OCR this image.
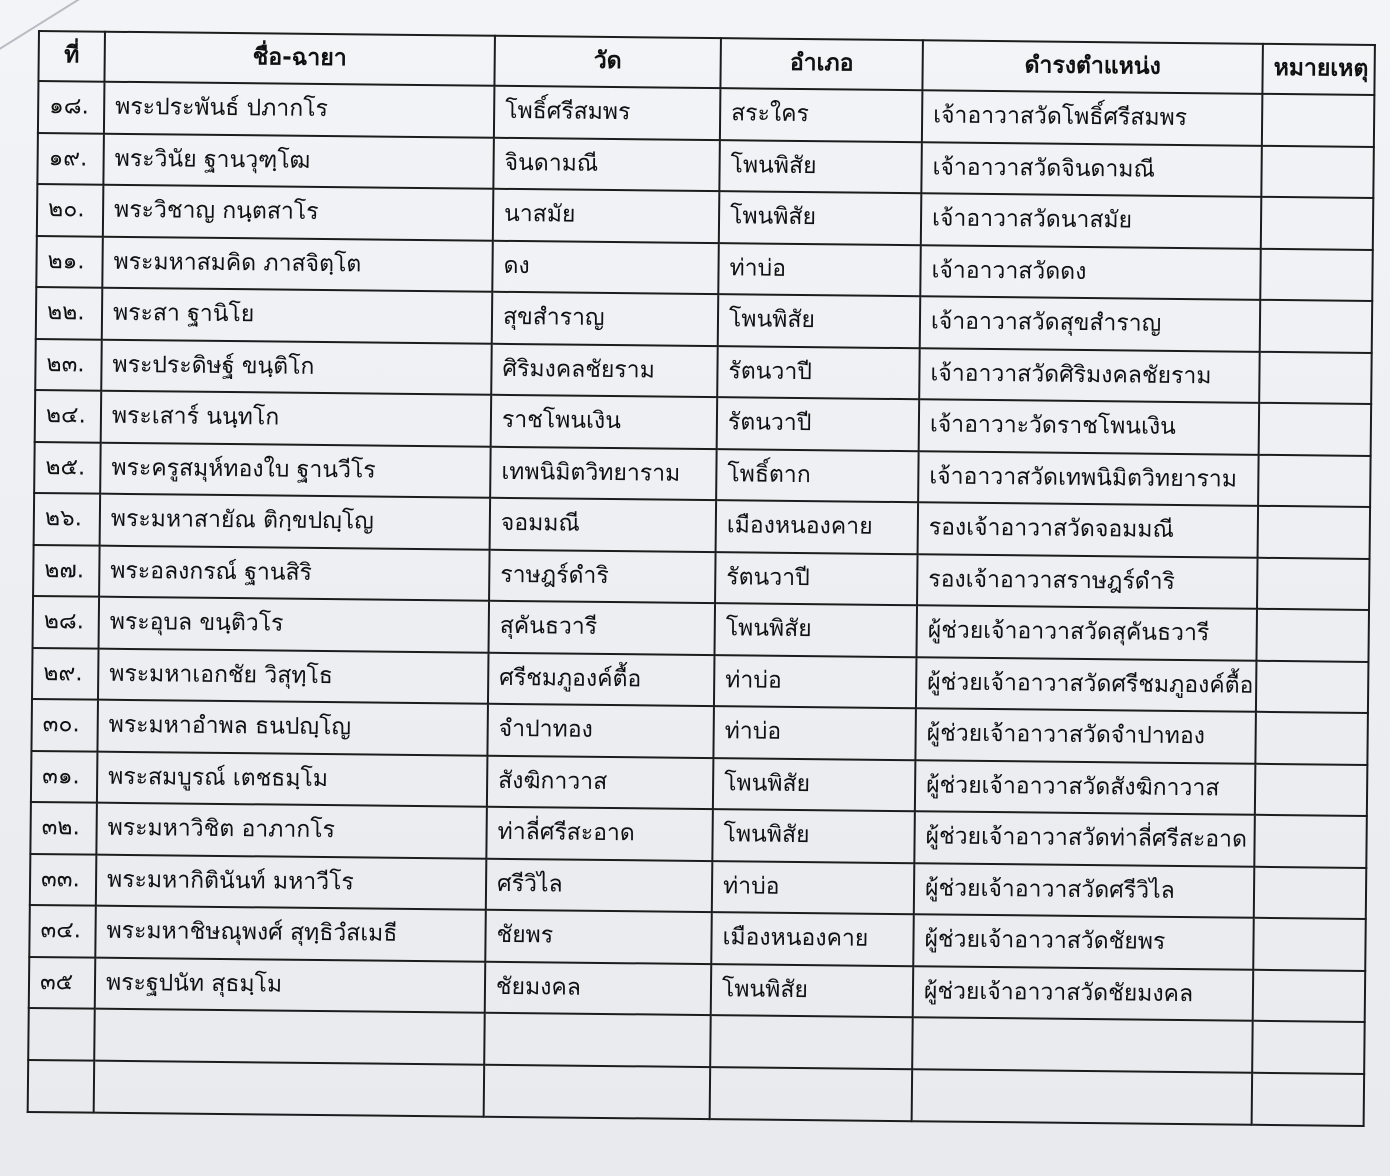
ที่	ชื่อ-ฉายา	วัด	อำเภอ	ดำรงตำแหน่ง	หมายเหตุ
๑๘.	พระประพันธ์ ปภากโร	โพธิ์ศรีสมพร	สระใคร	เจ้าอาวาสวัดโพธิ์ศรีสมพร	
๑๙.	พระวินัย ฐานวุฑฺโฒ	จินดามณี	โพนพิสัย	เจ้าอาวาสวัดจินดามณี	
๒๐.	พระวิชาญ กนฺตสาโร	นาสมัย	โพนพิสัย	เจ้าอาวาสวัดนาสมัย	
๒๑.	พระมหาสมคิด ภาสจิตฺโต	ดง	ท่าบ่อ	เจ้าอาวาสวัดดง	
๒๒.	พระสา ฐานิโย	สุขสำราญ	โพนพิสัย	เจ้าอาวาสวัดสุขสำราญ	
๒๓.	พระประดิษฐ์ ขนฺติโก	ศิริมงคลชัยราม	รัตนวาปี	เจ้าอาวาสวัดศิริมงคลชัยราม	
๒๔.	พระเสาร์ นนฺทโก	ราชโพนเงิน	รัตนวาปี	เจ้าอาวาะวัดราชโพนเงิน	
๒๕.	พระครูสมุห์ทองใบ ฐานวีโร	เทพนิมิตวิทยาราม	โพธิ์ตาก	เจ้าอาวาสวัดเทพนิมิตวิทยาราม	
๒๖.	พระมหาสายัณ ติกฺขปญฺโญ	จอมมณี	เมืองหนองคาย	รองเจ้าอาวาสวัดจอมมณี	
๒๗.	พระอลงกรณ์ ฐานสิริ	ราษฎร์ดำริ	รัตนวาปี	รองเจ้าอาวาสราษฎร์ดำริ	
๒๘.	พระอุบล ขนฺติวโร	สุคันธวารี	โพนพิสัย	ผู้ช่วยเจ้าอาวาสวัดสุคันธวารี	
๒๙.	พระมหาเอกชัย วิสุทฺโธ	ศรีชมภูองค์ตื้อ	ท่าบ่อ	ผู้ช่วยเจ้าอาวาสวัดศรีชมภูองค์ตื้อ	
๓๐.	พระมหาอำพล ธนปญฺโญ	จำปาทอง	ท่าบ่อ	ผู้ช่วยเจ้าอาวาสวัดจำปาทอง	
๓๑.	พระสมบูรณ์ เตชธมฺโม	สังฆิกาวาส	โพนพิสัย	ผู้ช่วยเจ้าอาวาสวัดสังฆิกาวาส	
๓๒.	พระมหาวิชิต อาภากโร	ท่าลี่ศรีสะอาด	โพนพิสัย	ผู้ช่วยเจ้าอาวาสวัดท่าลี่ศรีสะอาด	
๓๓.	พระมหากิตินันท์ มหาวีโร	ศรีวิไล	ท่าบ่อ	ผู้ช่วยเจ้าอาวาสวัดศรีวิไล	
๓๔.	พระมหาชิษณุพงศ์ สุทฺธิวํสเมธี	ชัยพร	เมืองหนองคาย	ผู้ช่วยเจ้าอาวาสวัดชัยพร	
๓๕	พระฐปนัท สุธมฺโม	ชัยมงคล	โพนพิสัย	ผู้ช่วยเจ้าอาวาสวัดชัยมงคล	
